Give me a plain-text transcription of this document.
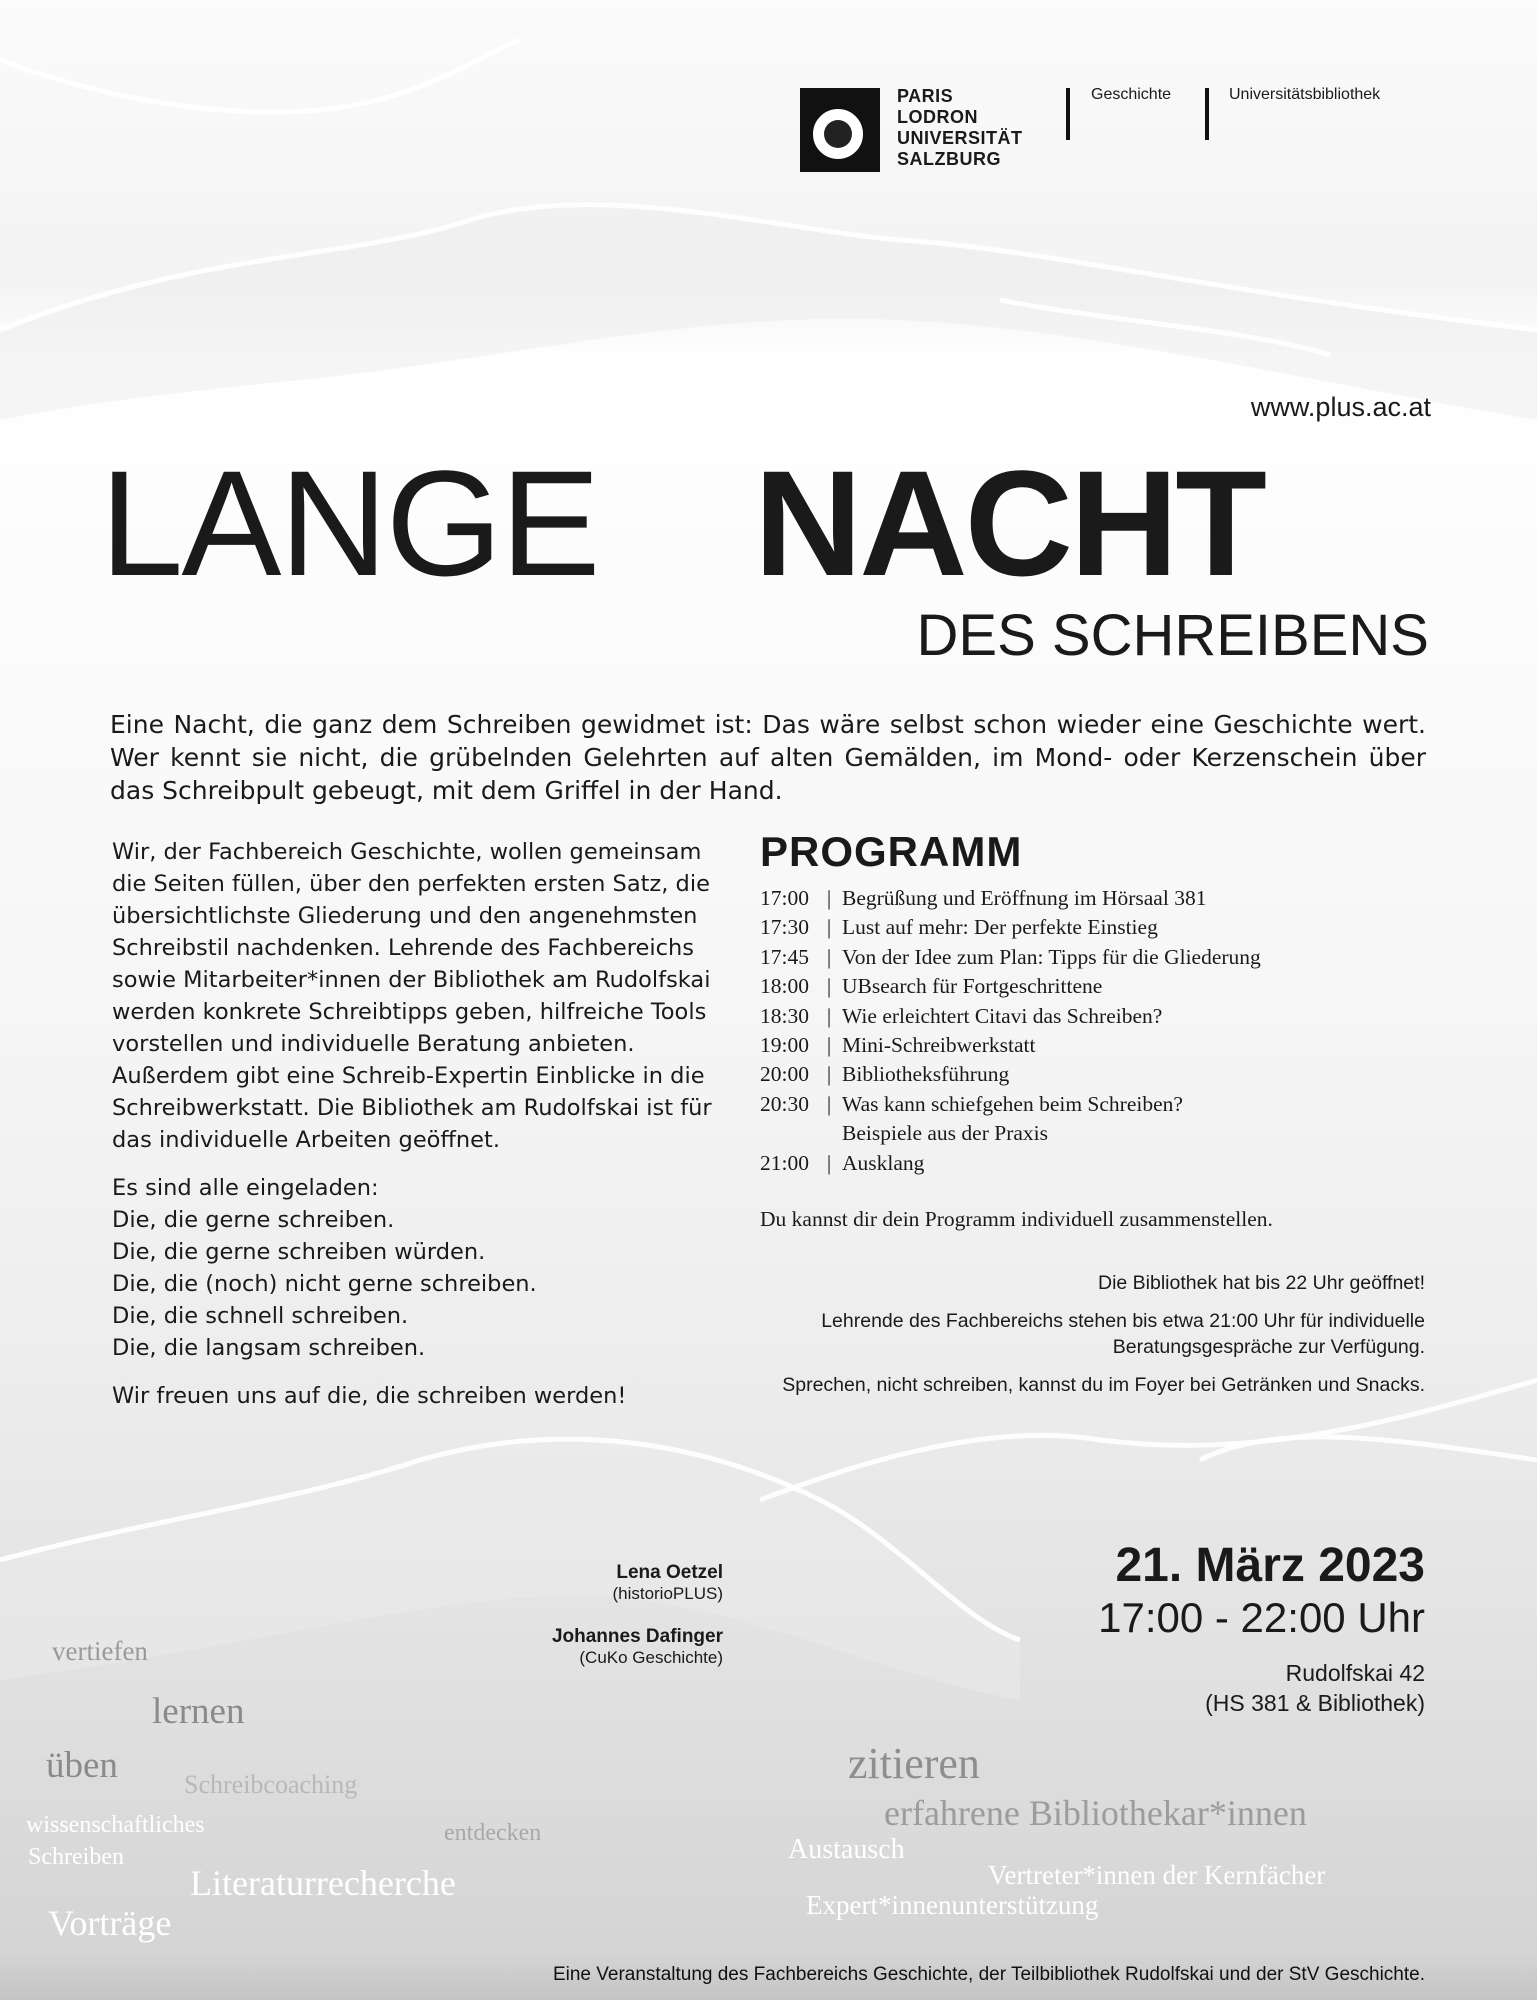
PARIS
LODRON
UNIVERSITÄT
SALZBURG
Geschichte	Universitätsbibliothek
www.plus.ac.at
LANGE NACHT
DES SCHREIBENS
Eine Nacht, die ganz dem Schreiben gewidmet ist: Das wäre selbst schon wieder eine Geschichte wert. Wer kennt sie nicht, die grübelnden Gelehrten auf alten Gemälden, im Mond- oder Kerzenschein über das Schreibpult gebeugt, mit dem Griffel in der Hand.

Wir, der Fachbereich Geschichte, wollen gemeinsam die Seiten füllen, über den perfekten ersten Satz, die übersichtlichste Gliederung und den angenehmsten Schreibstil nachdenken. Lehrende des Fachbereichs sowie Mitarbeiter*innen der Bibliothek am Rudolfskai werden konkrete Schreibtipps geben, hilfreiche Tools vorstellen und individuelle Beratung anbieten. Außerdem gibt eine Schreib-Expertin Einblicke in die Schreibwerkstatt. Die Bibliothek am Rudolfskai ist für das individuelle Arbeiten geöffnet.

Es sind alle eingeladen:
Die, die gerne schreiben.
Die, die gerne schreiben würden.
Die, die (noch) nicht gerne schreiben.
Die, die schnell schreiben.
Die, die langsam schreiben.

Wir freuen uns auf die, die schreiben werden!

PROGRAMM
17:00 | Begrüßung und Eröffnung im Hörsaal 381
17:30 | Lust auf mehr: Der perfekte Einstieg
17:45 | Von der Idee zum Plan: Tipps für die Gliederung
18:00 | UBsearch für Fortgeschrittene
18:30 | Wie erleichtert Citavi das Schreiben?
19:00 | Mini-Schreibwerkstatt
20:00 | Bibliotheksführung
20:30 | Was kann schiefgehen beim Schreiben?
Beispiele aus der Praxis
21:00 | Ausklang
Du kannst dir dein Programm individuell zusammenstellen.

Die Bibliothek hat bis 22 Uhr geöffnet!

Lehrende des Fachbereichs stehen bis etwa 21:00 Uhr für individuelle Beratungsgespräche zur Verfügung.

Sprechen, nicht schreiben, kannst du im Foyer bei Getränken und Snacks.

Lena Oetzel
(historioPLUS)
Johannes Dafinger
(CuKo Geschichte)
21. März 2023
17:00 - 22:00 Uhr
Rudolfskai 42
(HS 381 & Bibliothek)
vertiefen
lernen
üben	Schreibcoaching
wissenschaftliches
Schreiben
entdecken
Literaturrecherche
Vorträge
zitieren
erfahrene Bibliothekar*innen
Austausch
Vertreter*innen der Kernfächer
Expert*innenunterstützung
Eine Veranstaltung des Fachbereichs Geschichte, der Teilbibliothek Rudolfskai und der StV Geschichte.
